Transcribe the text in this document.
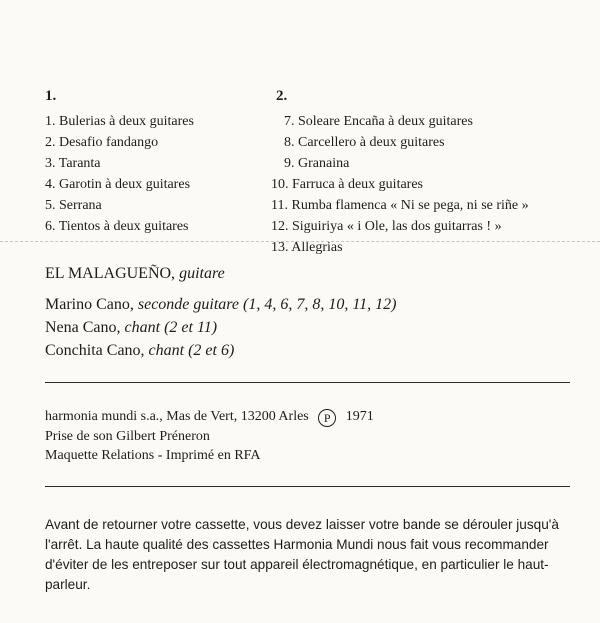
1.
1. Bulerias à deux guitares
2. Desafio fandango
3. Taranta
4. Garotin à deux guitares
5. Serrana
6. Tientos à deux guitares
2.
7. Soleare Encaña à deux guitares
8. Carcellero à deux guitares
9. Granaina
10. Farruca à deux guitares
11. Rumba flamenca « Ni se pega, ni se riñe »
12. Siguiriya « i Ole, las dos guitarras ! »
13. Allegrias
EL MALAGUEÑO, guitare
Marino Cano, seconde guitare (1, 4, 6, 7, 8, 10, 11, 12)
Nena Cano, chant (2 et 11)
Conchita Cano, chant (2 et 6)
harmonia mundi s.a., Mas de Vert, 13200 Arles P 1971
Prise de son Gilbert Préneron
Maquette Relations - Imprimé en RFA
Avant de retourner votre cassette, vous devez laisser votre bande se dérouler jusqu'à l'arrêt. La haute qualité des cassettes Harmonia Mundi nous fait vous recommander d'éviter de les entreposer sur tout appareil électromagnétique, en particulier le haut-parleur.
